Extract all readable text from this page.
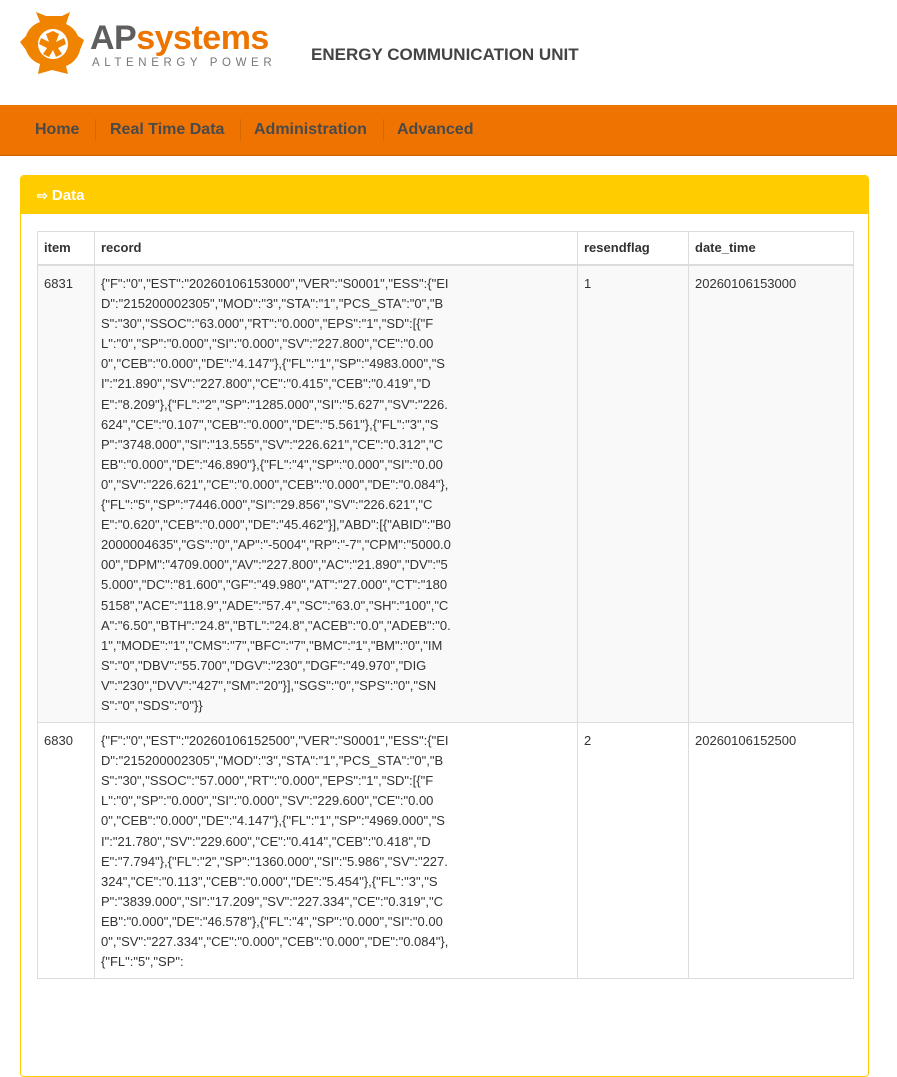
APsystems
ALTENERGY POWER ENERGY COMMUNICATION UNIT
Home Real Time Data Administration Advanced
⇨ Data
item	record	resendflag	date_time
6831	{"F":"0","EST":"20260106153000","VER":"S0001","ESS":{"EID":"215200002305","MOD":"3","STA":"1","PCS_STA":"0","BS":"30","SSOC":"63.000","RT":"0.000","EPS":"1","SD":[{"FL":"0","SP":"0.000","SI":"0.000","SV":"227.800","CE":"0.000","CEB":"0.000","DE":"4.147"},{"FL":"1","SP":"4983.000","SI":"21.890","SV":"227.800","CE":"0.415","CEB":"0.419","DE":"8.209"},{"FL":"2","SP":"1285.000","SI":"5.627","SV":"226.624","CE":"0.107","CEB":"0.000","DE":"5.561"},{"FL":"3","SP":"3748.000","SI":"13.555","SV":"226.621","CE":"0.312","CEB":"0.000","DE":"46.890"},{"FL":"4","SP":"0.000","SI":"0.000","SV":"226.621","CE":"0.000","CEB":"0.000","DE":"0.084"},{"FL":"5","SP":"7446.000","SI":"29.856","SV":"226.621","CE":"0.620","CEB":"0.000","DE":"45.462"}],"ABD":[{"ABID":"B02000004635","GS":"0","AP":"-5004","RP":"-7","CPM":"5000.000","DPM":"4709.000","AV":"227.800","AC":"21.890","DV":"55.000","DC":"81.600","GF":"49.980","AT":"27.000","CT":"1805158","ACE":"118.9","ADE":"57.4","SC":"63.0","SH":"100","CA":"6.50","BTH":"24.8","BTL":"24.8","ACEB":"0.0","ADEB":"0.1","MODE":"1","CMS":"7","BFC":"7","BMC":"1","BM":"0","IMS":"0","DBV":"55.700","DGV":"230","DGF":"49.970","DIGV":"230","DVV":"427","SM":"20"}],"SGS":"0","SPS":"0","SNS":"0","SDS":"0"}}	1	20260106153000
6830	{"F":"0","EST":"20260106152500","VER":"S0001","ESS":{"EID":"215200002305","MOD":"3","STA":"1","PCS_STA":"0","BS":"30","SSOC":"57.000","RT":"0.000","EPS":"1","SD":[{"FL":"0","SP":"0.000","SI":"0.000","SV":"229.600","CE":"0.000","CEB":"0.000","DE":"4.147"},{"FL":"1","SP":"4969.000","SI":"21.780","SV":"229.600","CE":"0.414","CEB":"0.418","DE":"7.794"},{"FL":"2","SP":"1360.000","SI":"5.986","SV":"227.324","CE":"0.113","CEB":"0.000","DE":"5.454"},{"FL":"3","SP":"3839.000","SI":"17.209","SV":"227.334","CE":"0.319","CEB":"0.000","DE":"46.578"},{"FL":"4","SP":"0.000","SI":"0.000","SV":"227.334","CE":"0.000","CEB":"0.000","DE":"0.084"},{"FL":"5","SP":	2	20260106152500
